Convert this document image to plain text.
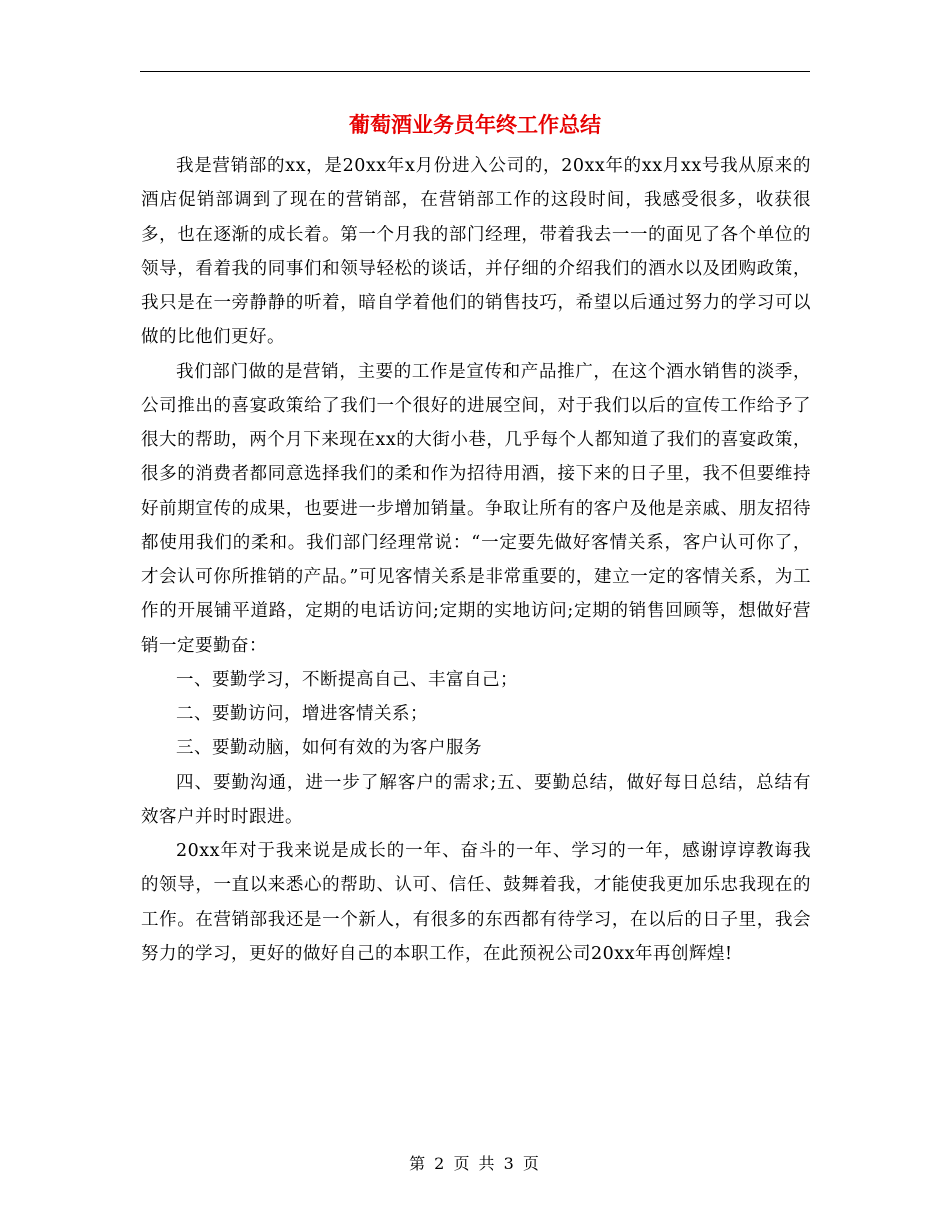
葡萄酒业务员年终工作总结

我是营销部的xx，是20xx年x月份进入公司的，20xx年的xx月xx号我从原来的酒店促销部调到了现在的营销部，在营销部工作的这段时间，我感受很多，收获很多，也在逐渐的成长着。第一个月我的部门经理，带着我去一一的面见了各个单位的领导，看着我的同事们和领导轻松的谈话，并仔细的介绍我们的酒水以及团购政策，我只是在一旁静静的听着，暗自学着他们的销售技巧，希望以后通过努力的学习可以做的比他们更好。

我们部门做的是营销，主要的工作是宣传和产品推广，在这个酒水销售的淡季，公司推出的喜宴政策给了我们一个很好的进展空间，对于我们以后的宣传工作给予了很大的帮助，两个月下来现在xx的大街小巷，几乎每个人都知道了我们的喜宴政策，很多的消费者都同意选择我们的柔和作为招待用酒，接下来的日子里，我不但要维持好前期宣传的成果，也要进一步增加销量。争取让所有的客户及他是亲戚、朋友招待都使用我们的柔和。我们部门经理常说：“一定要先做好客情关系，客户认可你了，才会认可你所推销的产品。”可见客情关系是非常重要的，建立一定的客情关系，为工作的开展铺平道路，定期的电话访问;定期的实地访问;定期的销售回顾等，想做好营销一定要勤奋：

一、要勤学习，不断提高自己、丰富自己；

二、要勤访问，增进客情关系；

三、要勤动脑，如何有效的为客户服务

四、要勤沟通，进一步了解客户的需求;五、要勤总结，做好每日总结，总结有效客户并时时跟进。

20xx年对于我来说是成长的一年、奋斗的一年、学习的一年，感谢谆谆教诲我的领导，一直以来悉心的帮助、认可、信任、鼓舞着我，才能使我更加乐忠我现在的工作。在营销部我还是一个新人，有很多的东西都有待学习，在以后的日子里，我会努力的学习，更好的做好自己的本职工作，在此预祝公司20xx年再创辉煌!

第 2 页 共 3 页
